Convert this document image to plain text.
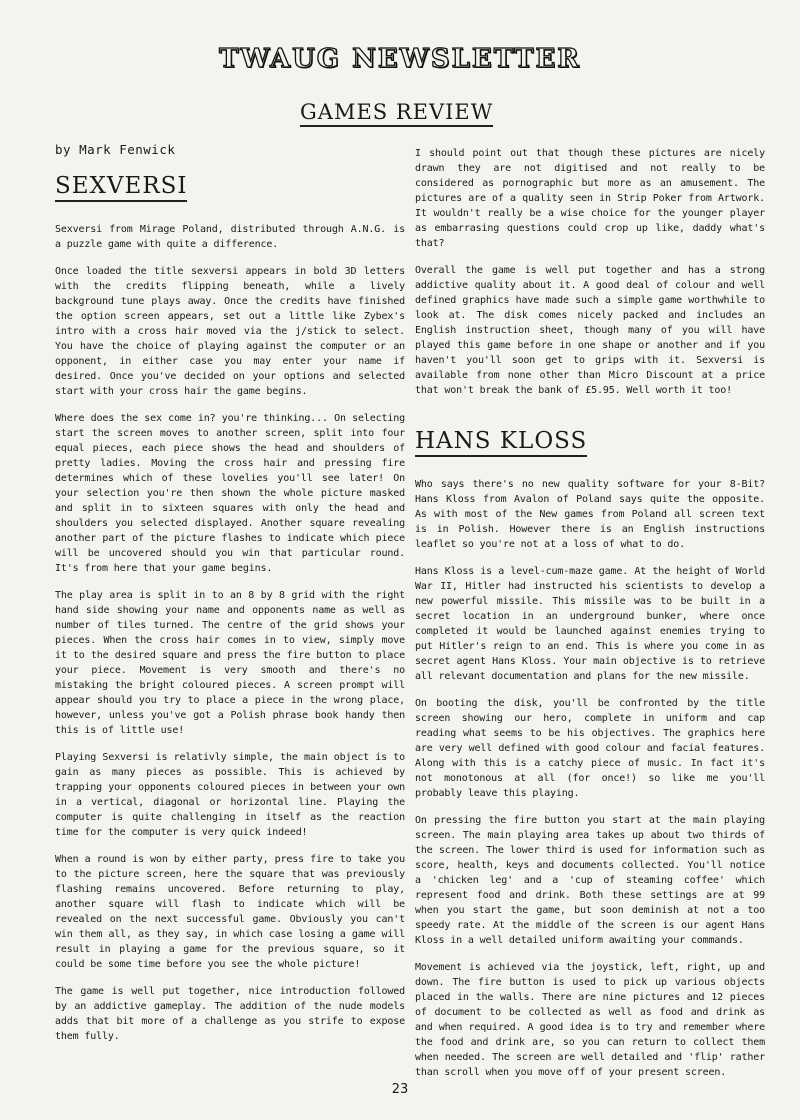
TWAUG NEWSLETTER
GAMES REVIEW
by Mark Fenwick
SEXVERSI

Sexversi from Mirage Poland, distributed through A.N.G. is a puzzle game with quite a difference.

Once loaded the title sexversi appears in bold 3D letters with the credits flipping beneath, while a lively background tune plays away. Once the credits have finished the option screen appears, set out a little like Zybex's intro with a cross hair moved via the j/stick to select. You have the choice of playing against the computer or an opponent, in either case you may enter your name if desired. Once you've decided on your options and selected start with your cross hair the game begins.

Where does the sex come in? you're thinking... On selecting start the screen moves to another screen, split into four equal pieces, each piece shows the head and shoulders of pretty ladies. Moving the cross hair and pressing fire determines which of these lovelies you'll see later! On your selection you're then shown the whole picture masked and split in to sixteen squares with only the head and shoulders you selected displayed. Another square revealing another part of the picture flashes to indicate which piece will be uncovered should you win that particular round. It's from here that your game begins.

The play area is split in to an 8 by 8 grid with the right hand side showing your name and opponents name as well as number of tiles turned. The centre of the grid shows your pieces. When the cross hair comes in to view, simply move it to the desired square and press the fire button to place your piece. Movement is very smooth and there's no mistaking the bright coloured pieces. A screen prompt will appear should you try to place a piece in the wrong place, however, unless you've got a Polish phrase book handy then this is of little use!

Playing Sexversi is relativly simple, the main object is to gain as many pieces as possible. This is achieved by trapping your opponents coloured pieces in between your own in a vertical, diagonal or horizontal line. Playing the computer is quite challenging in itself as the reaction time for the computer is very quick indeed!

When a round is won by either party, press fire to take you to the picture screen, here the square that was previously flashing remains uncovered. Before returning to play, another square will flash to indicate which will be revealed on the next successful game. Obviously you can't win them all, as they say, in which case losing a game will result in playing a game for the previous square, so it could be some time before you see the whole picture!

The game is well put together, nice introduction followed by an addictive gameplay. The addition of the nude models adds that bit more of a challenge as you strife to expose them fully.

I should point out that though these pictures are nicely drawn they are not digitised and not really to be considered as pornographic but more as an amusement. The pictures are of a quality seen in Strip Poker from Artwork. It wouldn't really be a wise choice for the younger player as embarrasing questions could crop up like, daddy what's that?

Overall the game is well put together and has a strong addictive quality about it. A good deal of colour and well defined graphics have made such a simple game worthwhile to look at. The disk comes nicely packed and includes an English instruction sheet, though many of you will have played this game before in one shape or another and if you haven't you'll soon get to grips with it. Sexversi is available from none other than Micro Discount at a price that won't break the bank of £5.95. Well worth it too!

HANS KLOSS

Who says there's no new quality software for your 8-Bit? Hans Kloss from Avalon of Poland says quite the opposite. As with most of the New games from Poland all screen text is in Polish. However there is an English instructions leaflet so you're not at a loss of what to do.

Hans Kloss is a level-cum-maze game. At the height of World War II, Hitler had instructed his scientists to develop a new powerful missile. This missile was to be built in a secret location in an underground bunker, where once completed it would be launched against enemies trying to put Hitler's reign to an end. This is where you come in as secret agent Hans Kloss. Your main objective is to retrieve all relevant documentation and plans for the new missile.

On booting the disk, you'll be confronted by the title screen showing our hero, complete in uniform and cap reading what seems to be his objectives. The graphics here are very well defined with good colour and facial features. Along with this is a catchy piece of music. In fact it's not monotonous at all (for once!) so like me you'll probably leave this playing.

On pressing the fire button you start at the main playing screen. The main playing area takes up about two thirds of the screen. The lower third is used for information such as score, health, keys and documents collected. You'll notice a 'chicken leg' and a 'cup of steaming coffee' which represent food and drink. Both these settings are at 99 when you start the game, but soon deminish at not a too speedy rate. At the middle of the screen is our agent Hans Kloss in a well detailed uniform awaiting your commands.

Movement is achieved via the joystick, left, right, up and down. The fire button is used to pick up various objects placed in the walls. There are nine pictures and 12 pieces of document to be collected as well as food and drink as and when required. A good idea is to try and remember where the food and drink are, so you can return to collect them when needed. The screen are well detailed and 'flip' rather than scroll when you move off of your present screen.

23
